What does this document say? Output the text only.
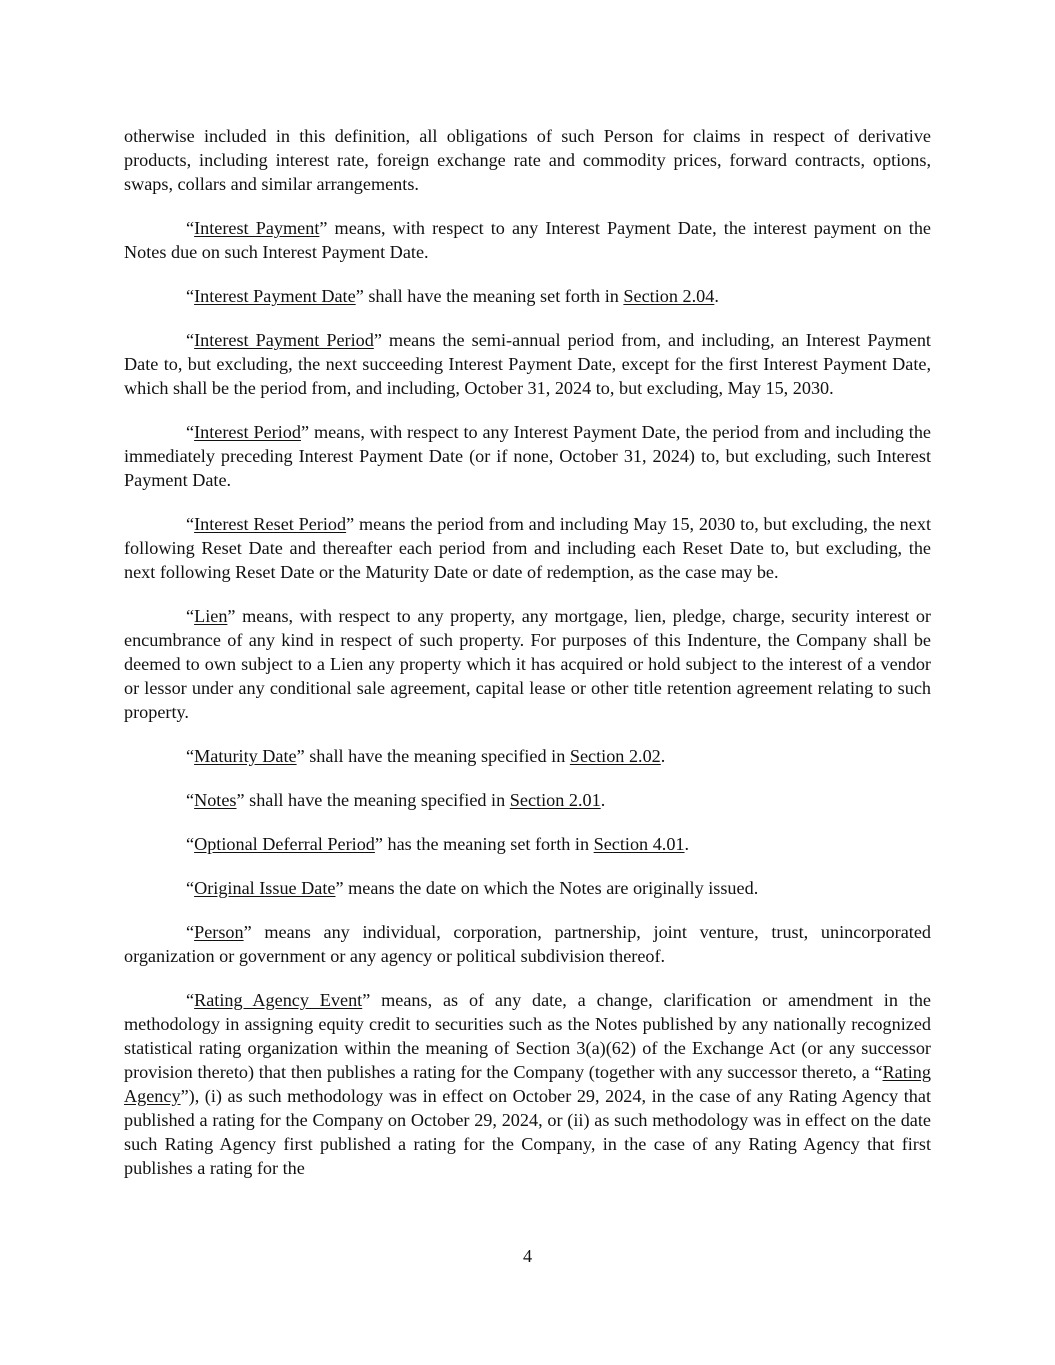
otherwise included in this definition, all obligations of such Person for claims in respect of derivative products, including interest rate, foreign exchange rate and commodity prices, forward contracts, options, swaps, collars and similar arrangements.

“Interest Payment” means, with respect to any Interest Payment Date, the interest payment on the Notes due on such Interest Payment Date.

“Interest Payment Date” shall have the meaning set forth in Section 2.04.

“Interest Payment Period” means the semi-annual period from, and including, an Interest Payment Date to, but excluding, the next succeeding Interest Payment Date, except for the first Interest Payment Date, which shall be the period from, and including, October 31, 2024 to, but excluding, May 15, 2030.

“Interest Period” means, with respect to any Interest Payment Date, the period from and including the immediately preceding Interest Payment Date (or if none, October 31, 2024) to, but excluding, such Interest Payment Date.

“Interest Reset Period” means the period from and including May 15, 2030 to, but excluding, the next following Reset Date and thereafter each period from and including each Reset Date to, but excluding, the next following Reset Date or the Maturity Date or date of redemption, as the case may be.

“Lien” means, with respect to any property, any mortgage, lien, pledge, charge, security interest or encumbrance of any kind in respect of such property. For purposes of this Indenture, the Company shall be deemed to own subject to a Lien any property which it has acquired or hold subject to the interest of a vendor or lessor under any conditional sale agreement, capital lease or other title retention agreement relating to such property.

“Maturity Date” shall have the meaning specified in Section 2.02.

“Notes” shall have the meaning specified in Section 2.01.

“Optional Deferral Period” has the meaning set forth in Section 4.01.

“Original Issue Date” means the date on which the Notes are originally issued.

“Person” means any individual, corporation, partnership, joint venture, trust, unincorporated organization or government or any agency or political subdivision thereof.

“Rating Agency Event” means, as of any date, a change, clarification or amendment in the methodology in assigning equity credit to securities such as the Notes published by any nationally recognized statistical rating organization within the meaning of Section 3(a)(62) of the Exchange Act (or any successor provision thereto) that then publishes a rating for the Company (together with any successor thereto, a “Rating Agency”), (i) as such methodology was in effect on October 29, 2024, in the case of any Rating Agency that published a rating for the Company on October 29, 2024, or (ii) as such methodology was in effect on the date such Rating Agency first published a rating for the Company, in the case of any Rating Agency that first publishes a rating for the

4
